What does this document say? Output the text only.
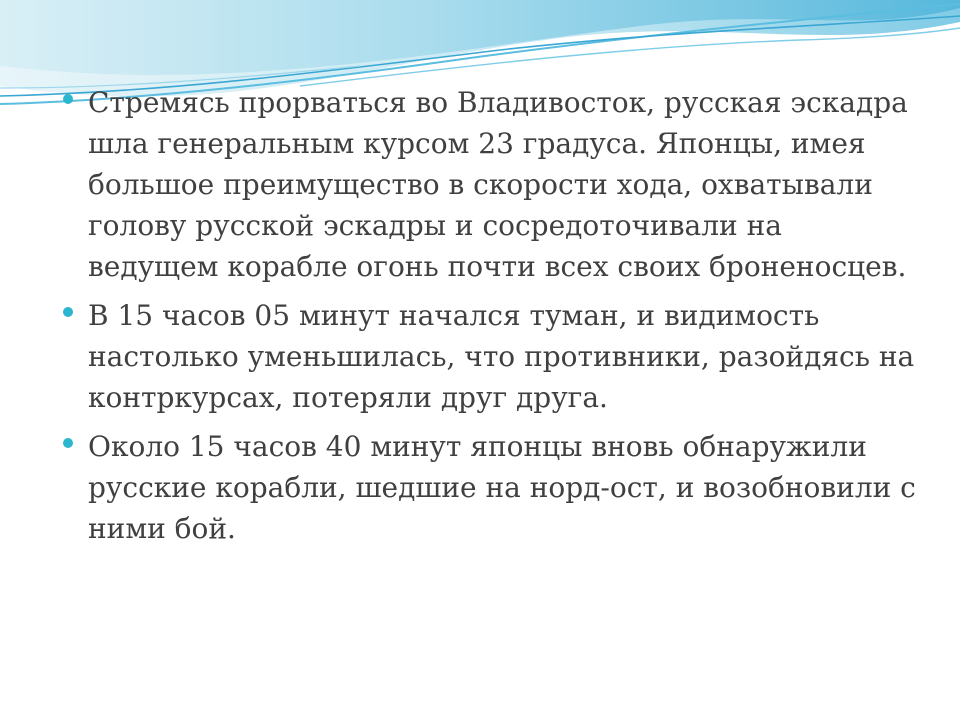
Стремясь прорваться во Владивосток, русская эскадра шла генеральным курсом 23 градуса. Японцы, имея большое преимущество в скорости хода, охватывали голову русской эскадры и сосредоточивали на ведущем корабле огонь почти всех своих броненосцев.
В 15 часов 05 минут начался туман, и видимость настолько уменьшилась, что противники, разойдясь на контркурсах, потеряли друг друга.
Около 15 часов 40 минут японцы вновь обнаружили русские корабли, шедшие на норд-ост, и возобновили с ними бой.
